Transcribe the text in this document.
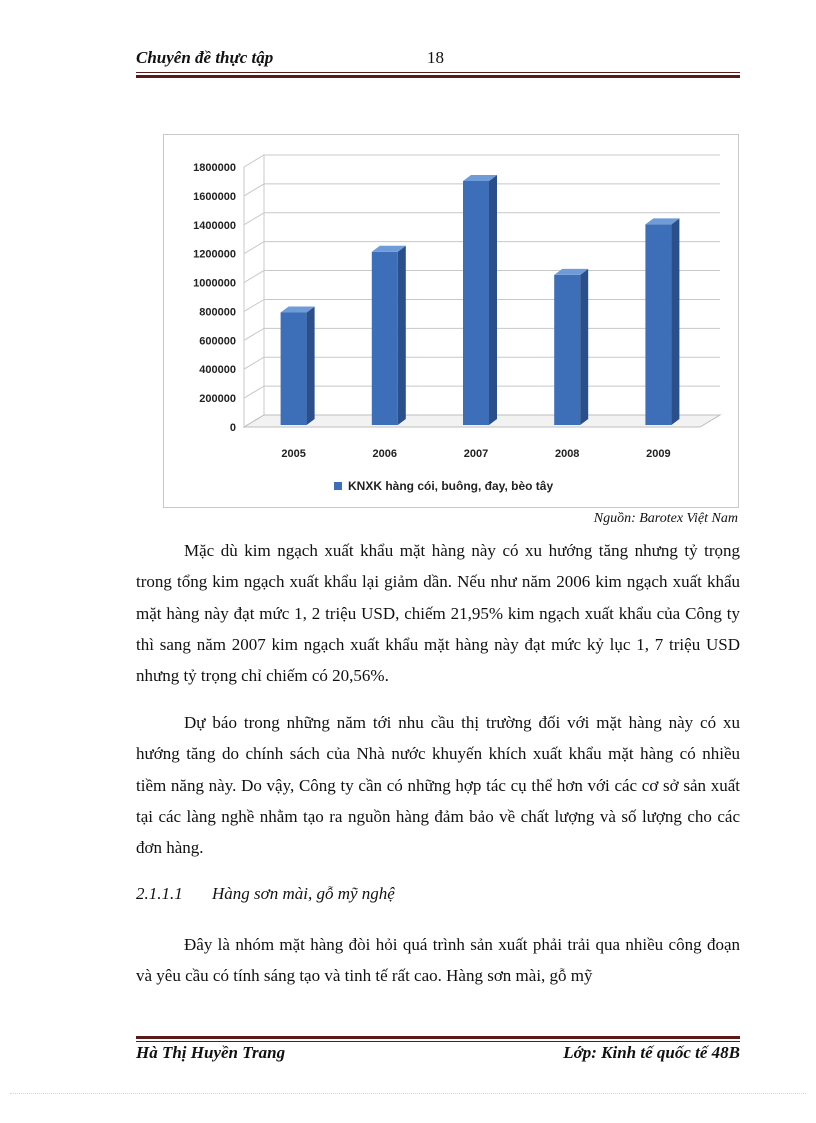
Chuyên đề thực tập	18
0
200000
400000
600000
800000
1000000
1200000
1400000
1600000
1800000
2005	2006	2007	2008	2009
KNXK hàng cói, buông, đay, bèo tây
Nguồn: Barotex Việt Nam

Mặc dù kim ngạch xuất khẩu mặt hàng này có xu hướng tăng nhưng tỷ trọng trong tổng kim ngạch xuất khẩu lại giảm dần. Nếu như năm 2006 kim ngạch xuất khẩu mặt hàng này đạt mức 1, 2 triệu USD, chiếm 21,95% kim ngạch xuất khẩu của Công ty thì sang năm 2007 kim ngạch xuất khẩu mặt hàng này đạt mức kỷ lục 1, 7 triệu USD nhưng tỷ trọng chỉ chiếm có 20,56%.

Dự báo trong những năm tới nhu cầu thị trường đối với mặt hàng này có xu hướng tăng do chính sách của Nhà nước khuyến khích xuất khẩu mặt hàng có nhiều tiềm năng này. Do vậy, Công ty cần có những hợp tác cụ thể hơn với các cơ sở sản xuất tại các làng nghề nhằm tạo ra nguồn hàng đảm bảo về chất lượng và số lượng cho các đơn hàng.

2.1.1.1 Hàng sơn mài, gỗ mỹ nghệ

Đây là nhóm mặt hàng đòi hỏi quá trình sản xuất phải trải qua nhiều công đoạn và yêu cầu có tính sáng tạo và tinh tế rất cao. Hàng sơn mài, gỗ mỹ

Hà Thị Huyền Trang	Lớp: Kinh tế quốc tế 48B
